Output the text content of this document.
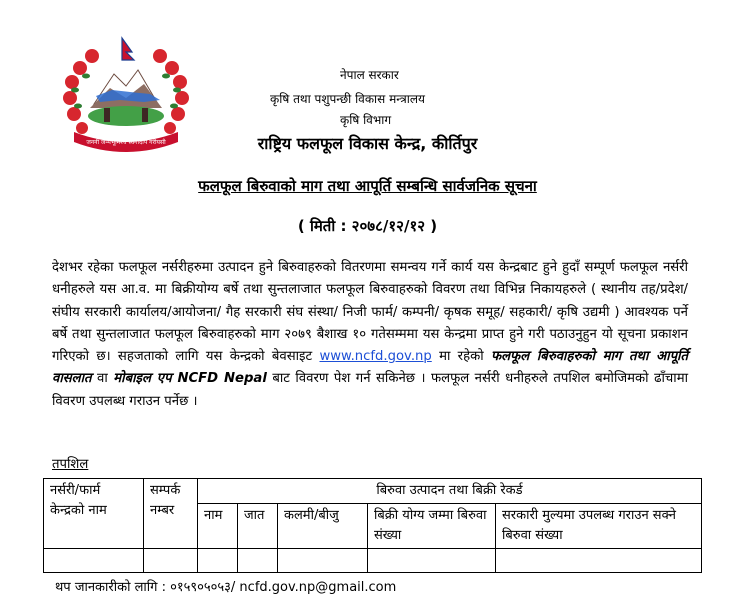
जननी जन्मभूमिश्च स्वर्गादपि गरीयसी
नेपाल सरकार
कृषि तथा पशुपन्छी विकास मन्त्रालय
कृषि विभाग
राष्ट्रिय फलफूल विकास केन्द्र, कीर्तिपुर
फलफूल बिरुवाको माग तथा आपूर्ति सम्बन्धि सार्वजनिक सूचना
( मिती : २०७८/१२/१२ )
देशभर रहेका फलफूल नर्सरीहरुमा उत्पादन हुने बिरुवाहरुको वितरणमा समन्वय गर्ने कार्य यस केन्द्रबाट हुने हुदाँ सम्पूर्ण फलफूल नर्सरी धनीहरुले यस आ.व. मा बिक्रीयोग्य बर्षे तथा सुन्तलाजात फलफूल बिरुवाहरुको विवरण तथा विभिन्न निकायहरुले ( स्थानीय तह/प्रदेश/संघीय सरकारी कार्यालय/आयोजना/ गैह सरकारी संघ संस्था/ निजी फार्म/ कम्पनी/ कृषक समूह/ सहकारी/ कृषि उद्यमी ) आवश्यक पर्ने बर्षे तथा सुन्तलाजात फलफूल बिरुवाहरुको माग २०७९ बैशाख १० गतेसम्ममा यस केन्द्रमा प्राप्त हुने गरी पठाउनुहुन यो सूचना प्रकाशन गरिएको छ। सहजताको लागि यस केन्द्रको बेवसाइट www.ncfd.gov.np मा रहेको फलफूल बिरुवाहरुको माग तथा आपूर्ति वासलात वा मोबाइल एप NCFD Nepal बाट विवरण पेश गर्न सकिनेछ । फलफूल नर्सरी धनीहरुले तपशिल बमोजिमको ढाँचामा विवरण उपलब्ध गराउन पर्नेछ ।
तपशिल
नर्सरी/फार्म केन्द्रको नाम	सम्पर्क नम्बर	बिरुवा उत्पादन तथा बिक्री रेकर्ड				
		नाम	जात	कलमी/बीजु	बिक्री योग्य जम्मा बिरुवा संख्या	सरकारी मुल्यमा उपलब्ध गराउन सक्ने बिरुवा संख्या

थप जानकारीको लागि : ०१५९०५०५३/ ncfd.gov.np@gmail.com
